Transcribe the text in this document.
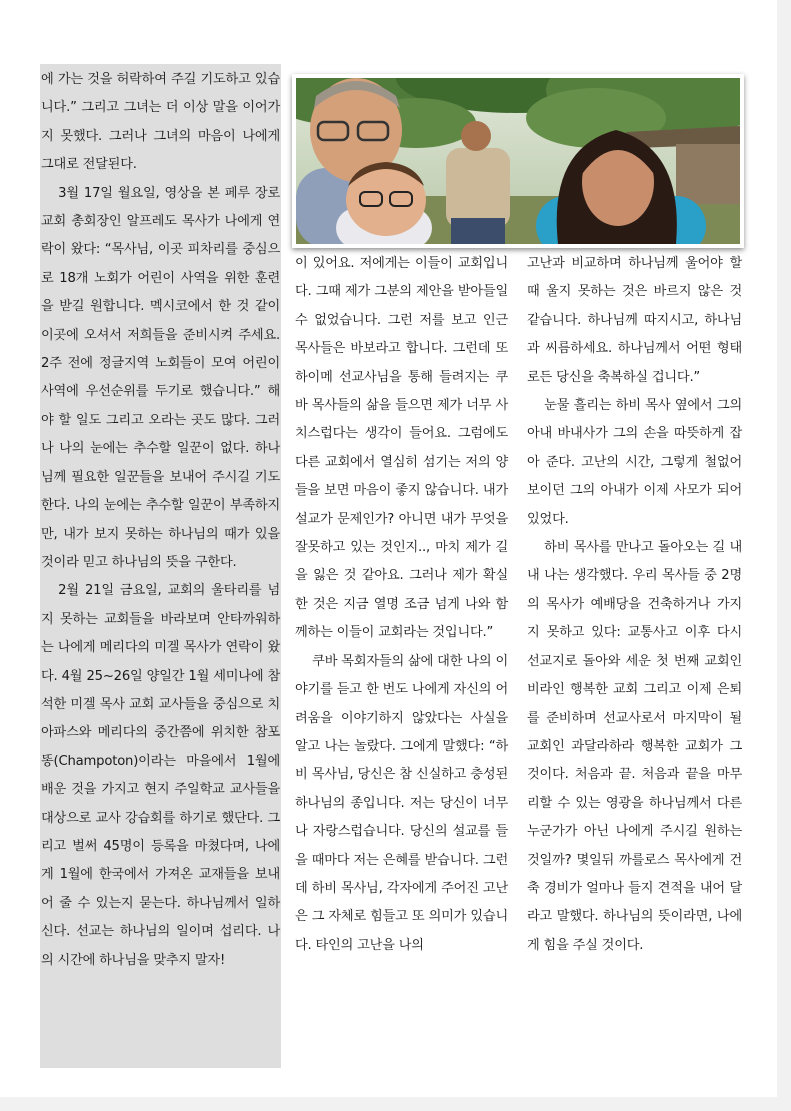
에 가는 것을 허락하여 주길 기도하고 있습니다.” 그리고 그녀는 더 이상 말을 이어가지 못했다. 그러나 그녀의 마음이 나에게 그대로 전달된다.

3월 17일 월요일, 영상을 본 페루 장로교회 총회장인 알프레도 목사가 나에게 연락이 왔다: “목사님, 이곳 피차리를 중심으로 18개 노회가 어린이 사역을 위한 훈련을 받길 원합니다. 멕시코에서 한 것 같이 이곳에 오셔서 저희들을 준비시켜 주세요. 2주 전에 정글지역 노회들이 모여 어린이 사역에 우선순위를 두기로 했습니다.” 해야 할 일도 그리고 오라는 곳도 많다. 그러나 나의 눈에는 추수할 일꾼이 없다. 하나님께 필요한 일꾼들을 보내어 주시길 기도한다. 나의 눈에는 추수할 일꾼이 부족하지만, 내가 보지 못하는 하나님의 때가 있을 것이라 믿고 하나님의 뜻을 구한다.

2월 21일 금요일, 교회의 울타리를 넘지 못하는 교회들을 바라보며 안타까워하는 나에게 메리다의 미겔 목사가 연락이 왔다. 4월 25~26일 양일간 1월 세미나에 참석한 미겔 목사 교회 교사들을 중심으로 치아파스와 메리다의 중간쯤에 위치한 참포똥(Champoton)이라는 마을에서 1월에 배운 것을 가지고 현지 주일학교 교사들을 대상으로 교사 강습회를 하기로 했단다. 그리고 벌써 45명이 등록을 마쳤다며, 나에게 1월에 한국에서 가져온 교재들을 보내어 줄 수 있는지 묻는다. 하나님께서 일하신다. 선교는 하나님의 일이며 섭리다. 나의 시간에 하나님을 맞추지 말자!

이 있어요. 저에게는 이들이 교회입니다. 그때 제가 그분의 제안을 받아들일 수 없었습니다. 그런 저를 보고 인근 목사들은 바보라고 합니다. 그런데 또 하이메 선교사님을 통해 들려지는 쿠바 목사들의 삶을 들으면 제가 너무 사치스럽다는 생각이 들어요. 그럼에도 다른 교회에서 열심히 섬기는 저의 양들을 보면 마음이 좋지 않습니다. 내가 설교가 문제인가? 아니면 내가 무엇을 잘못하고 있는 것인지.., 마치 제가 길을 잃은 것 같아요. 그러나 제가 확실한 것은 지금 열명 조금 넘게 나와 함께하는 이들이 교회라는 것입니다.”

쿠바 목회자들의 삶에 대한 나의 이야기를 듣고 한 번도 나에게 자신의 어려움을 이야기하지 않았다는 사실을 알고 나는 놀랐다. 그에게 말했다: “하비 목사님, 당신은 참 신실하고 충성된 하나님의 종입니다. 저는 당신이 너무나 자랑스럽습니다. 당신의 설교를 들을 때마다 저는 은혜를 받습니다. 그런데 하비 목사님, 각자에게 주어진 고난은 그 자체로 힘들고 또 의미가 있습니다. 타인의 고난을 나의

고난과 비교하며 하나님께 울어야 할 때 울지 못하는 것은 바르지 않은 것 같습니다. 하나님께 따지시고, 하나님과 씨름하세요. 하나님께서 어떤 형태로든 당신을 축복하실 겁니다.”

눈물 흘리는 하비 목사 옆에서 그의 아내 바내사가 그의 손을 따뜻하게 잡아 준다. 고난의 시간, 그렇게 철없어 보이던 그의 아내가 이제 사모가 되어 있었다.

하비 목사를 만나고 돌아오는 길 내내 나는 생각했다. 우리 목사들 중 2명의 목사가 예배당을 건축하거나 가지지 못하고 있다: 교통사고 이후 다시 선교지로 돌아와 세운 첫 번째 교회인 비라인 행복한 교회 그리고 이제 은퇴를 준비하며 선교사로서 마지막이 될 교회인 과달라하라 행복한 교회가 그것이다. 처음과 끝. 처음과 끝을 마무리할 수 있는 영광을 하나님께서 다른 누군가가 아닌 나에게 주시길 원하는 것일까? 몇일뒤 까를로스 목사에게 건축 경비가 얼마나 들지 견적을 내어 달라고 말했다. 하나님의 뜻이라면, 나에게 힘을 주실 것이다.
